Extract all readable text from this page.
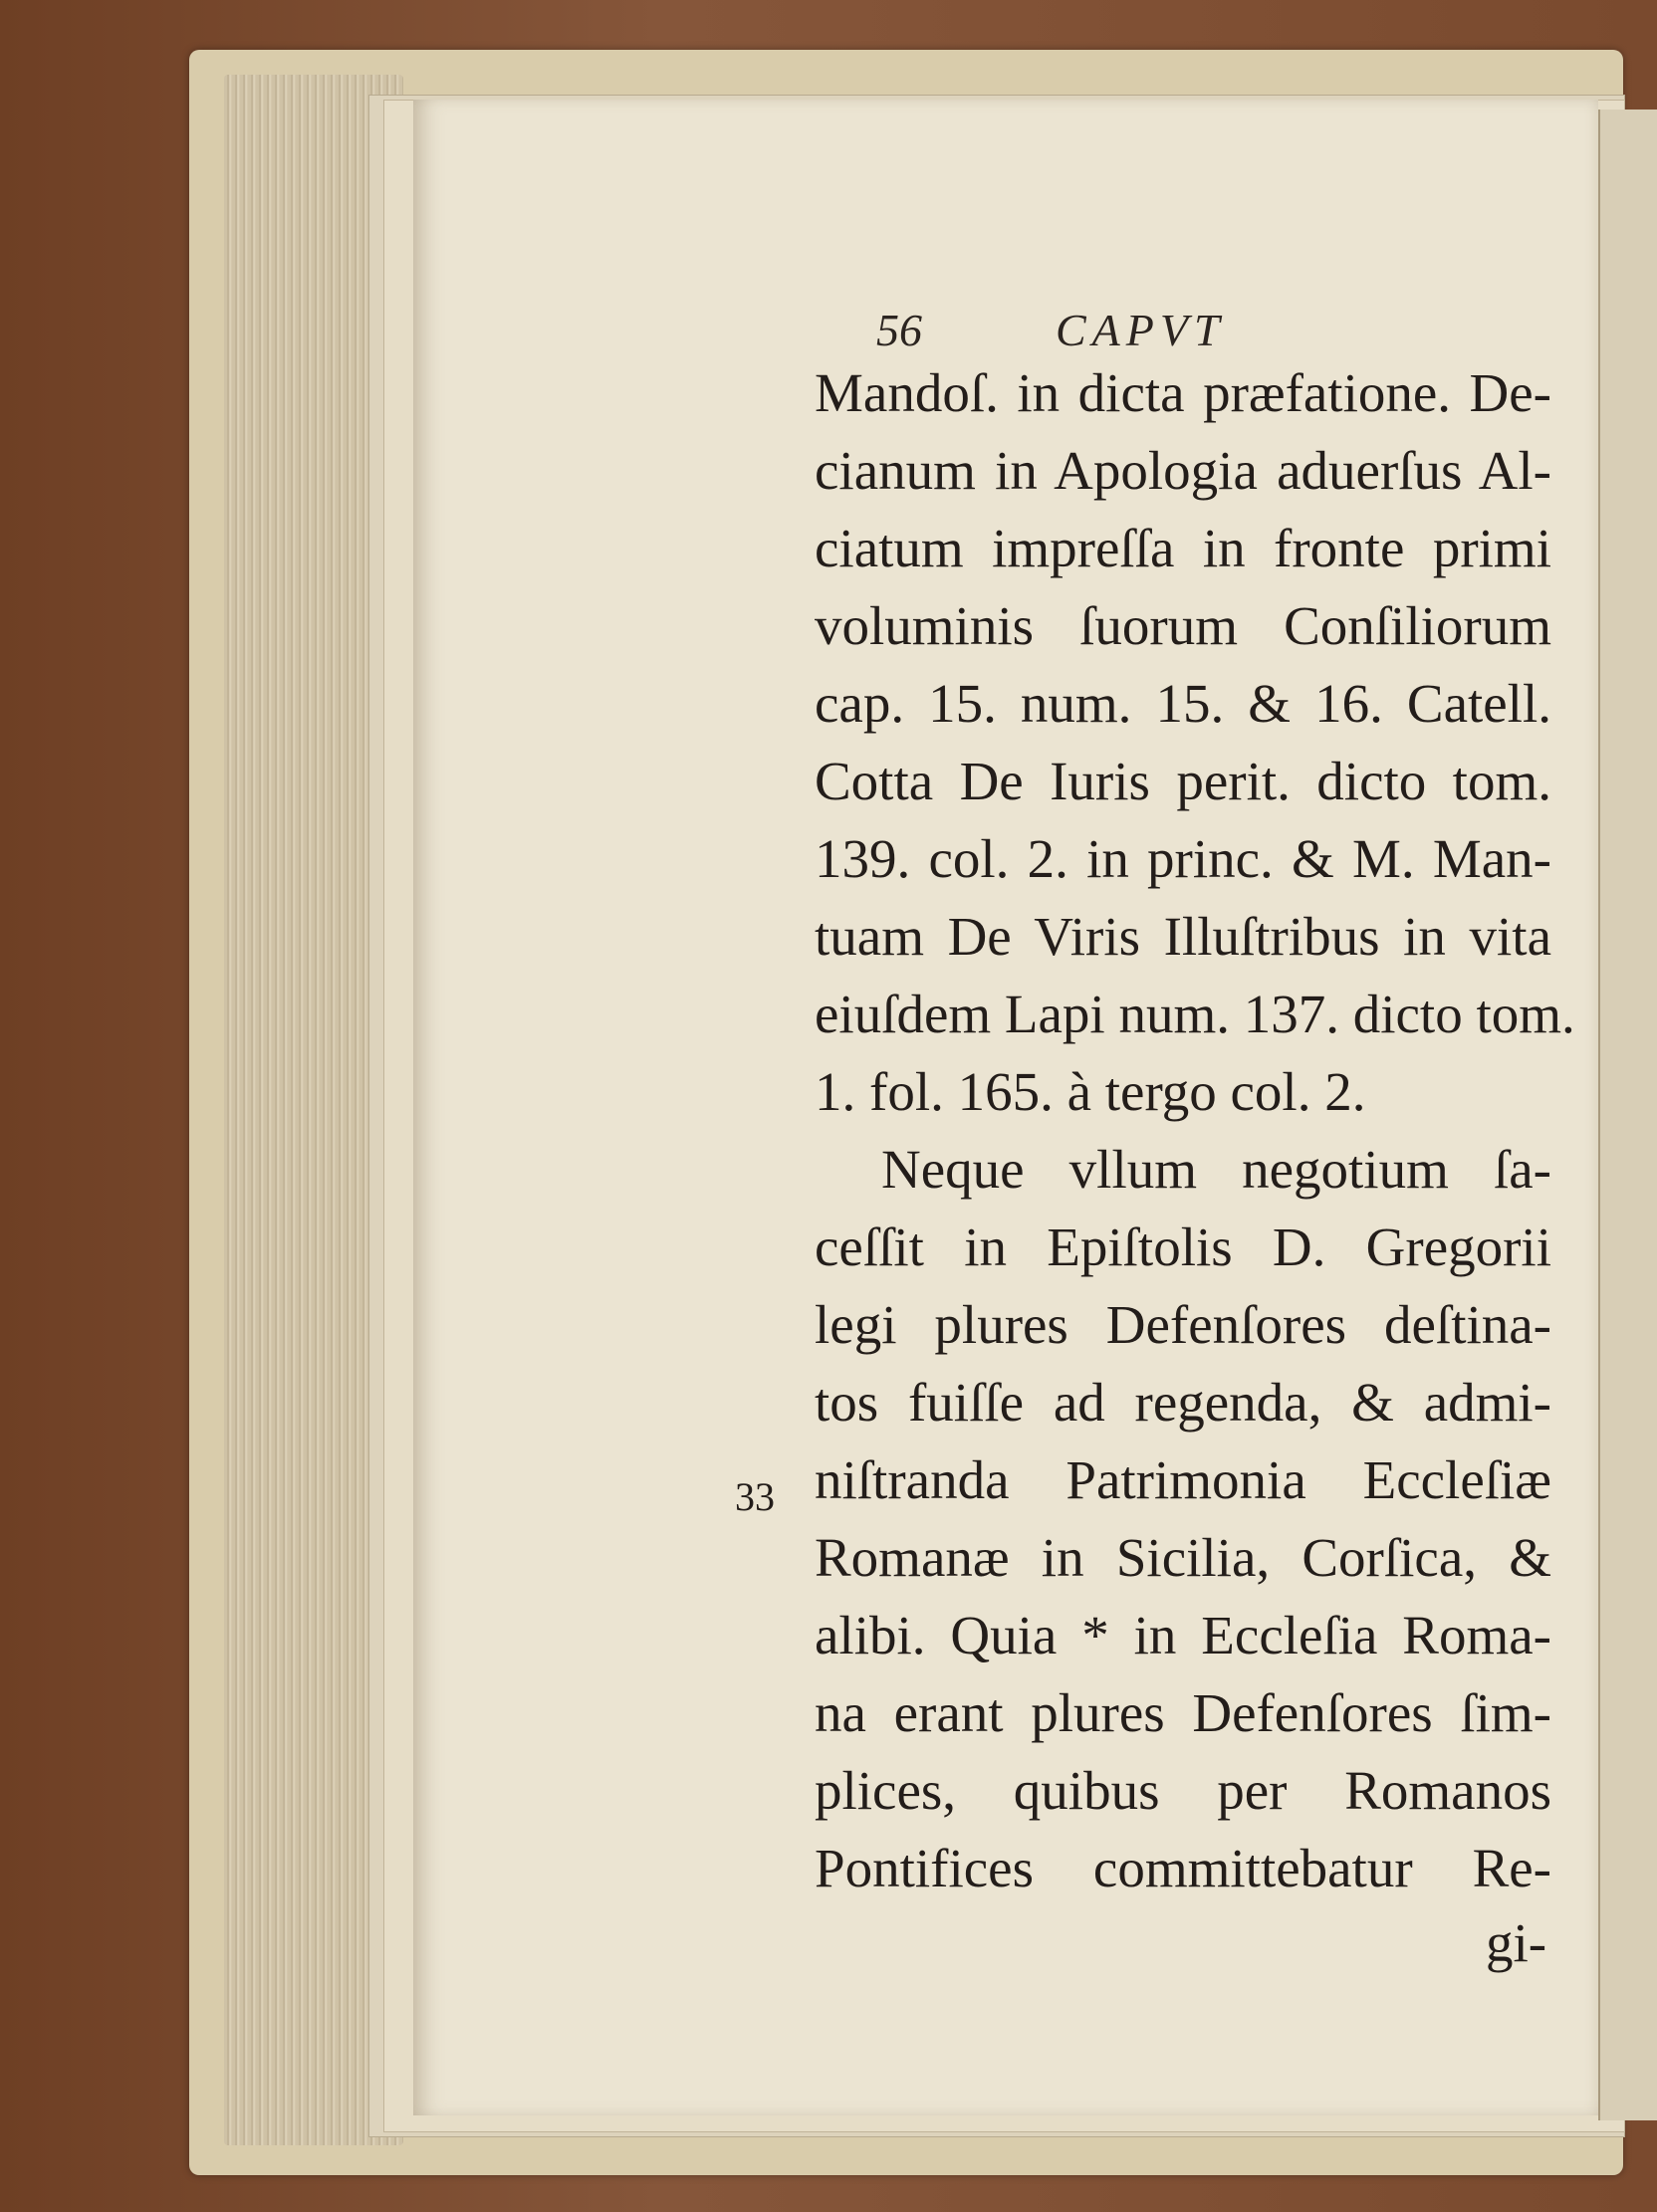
56	CAPVT
Mandoſ. in dicta præfatione. De-
cianum in Apologia aduerſus Al-
ciatum impreſſa in fronte primi
voluminis ſuorum Conſiliorum
cap. 15. num. 15. & 16. Catell.
Cotta De Iuris perit. dicto tom.
139. col. 2. in princ. & M. Man-
tuam De Viris Illuſtribus in vita
eiuſdem Lapi num. 137. dicto tom.
1. fol. 165. à tergo col. 2.
Neque vllum negotium ſa-
ceſſit in Epiſtolis D. Gregorii
legi plures Defenſores deſtina-
tos fuiſſe ad regenda, & admi-
niſtranda Patrimonia Eccleſiæ
Romanæ in Sicilia, Corſica, &
alibi. Quia * in Eccleſia Roma-
na erant plures Defenſores ſim-
plices, quibus per Romanos
Pontifices committebatur Re-
33
gi-
